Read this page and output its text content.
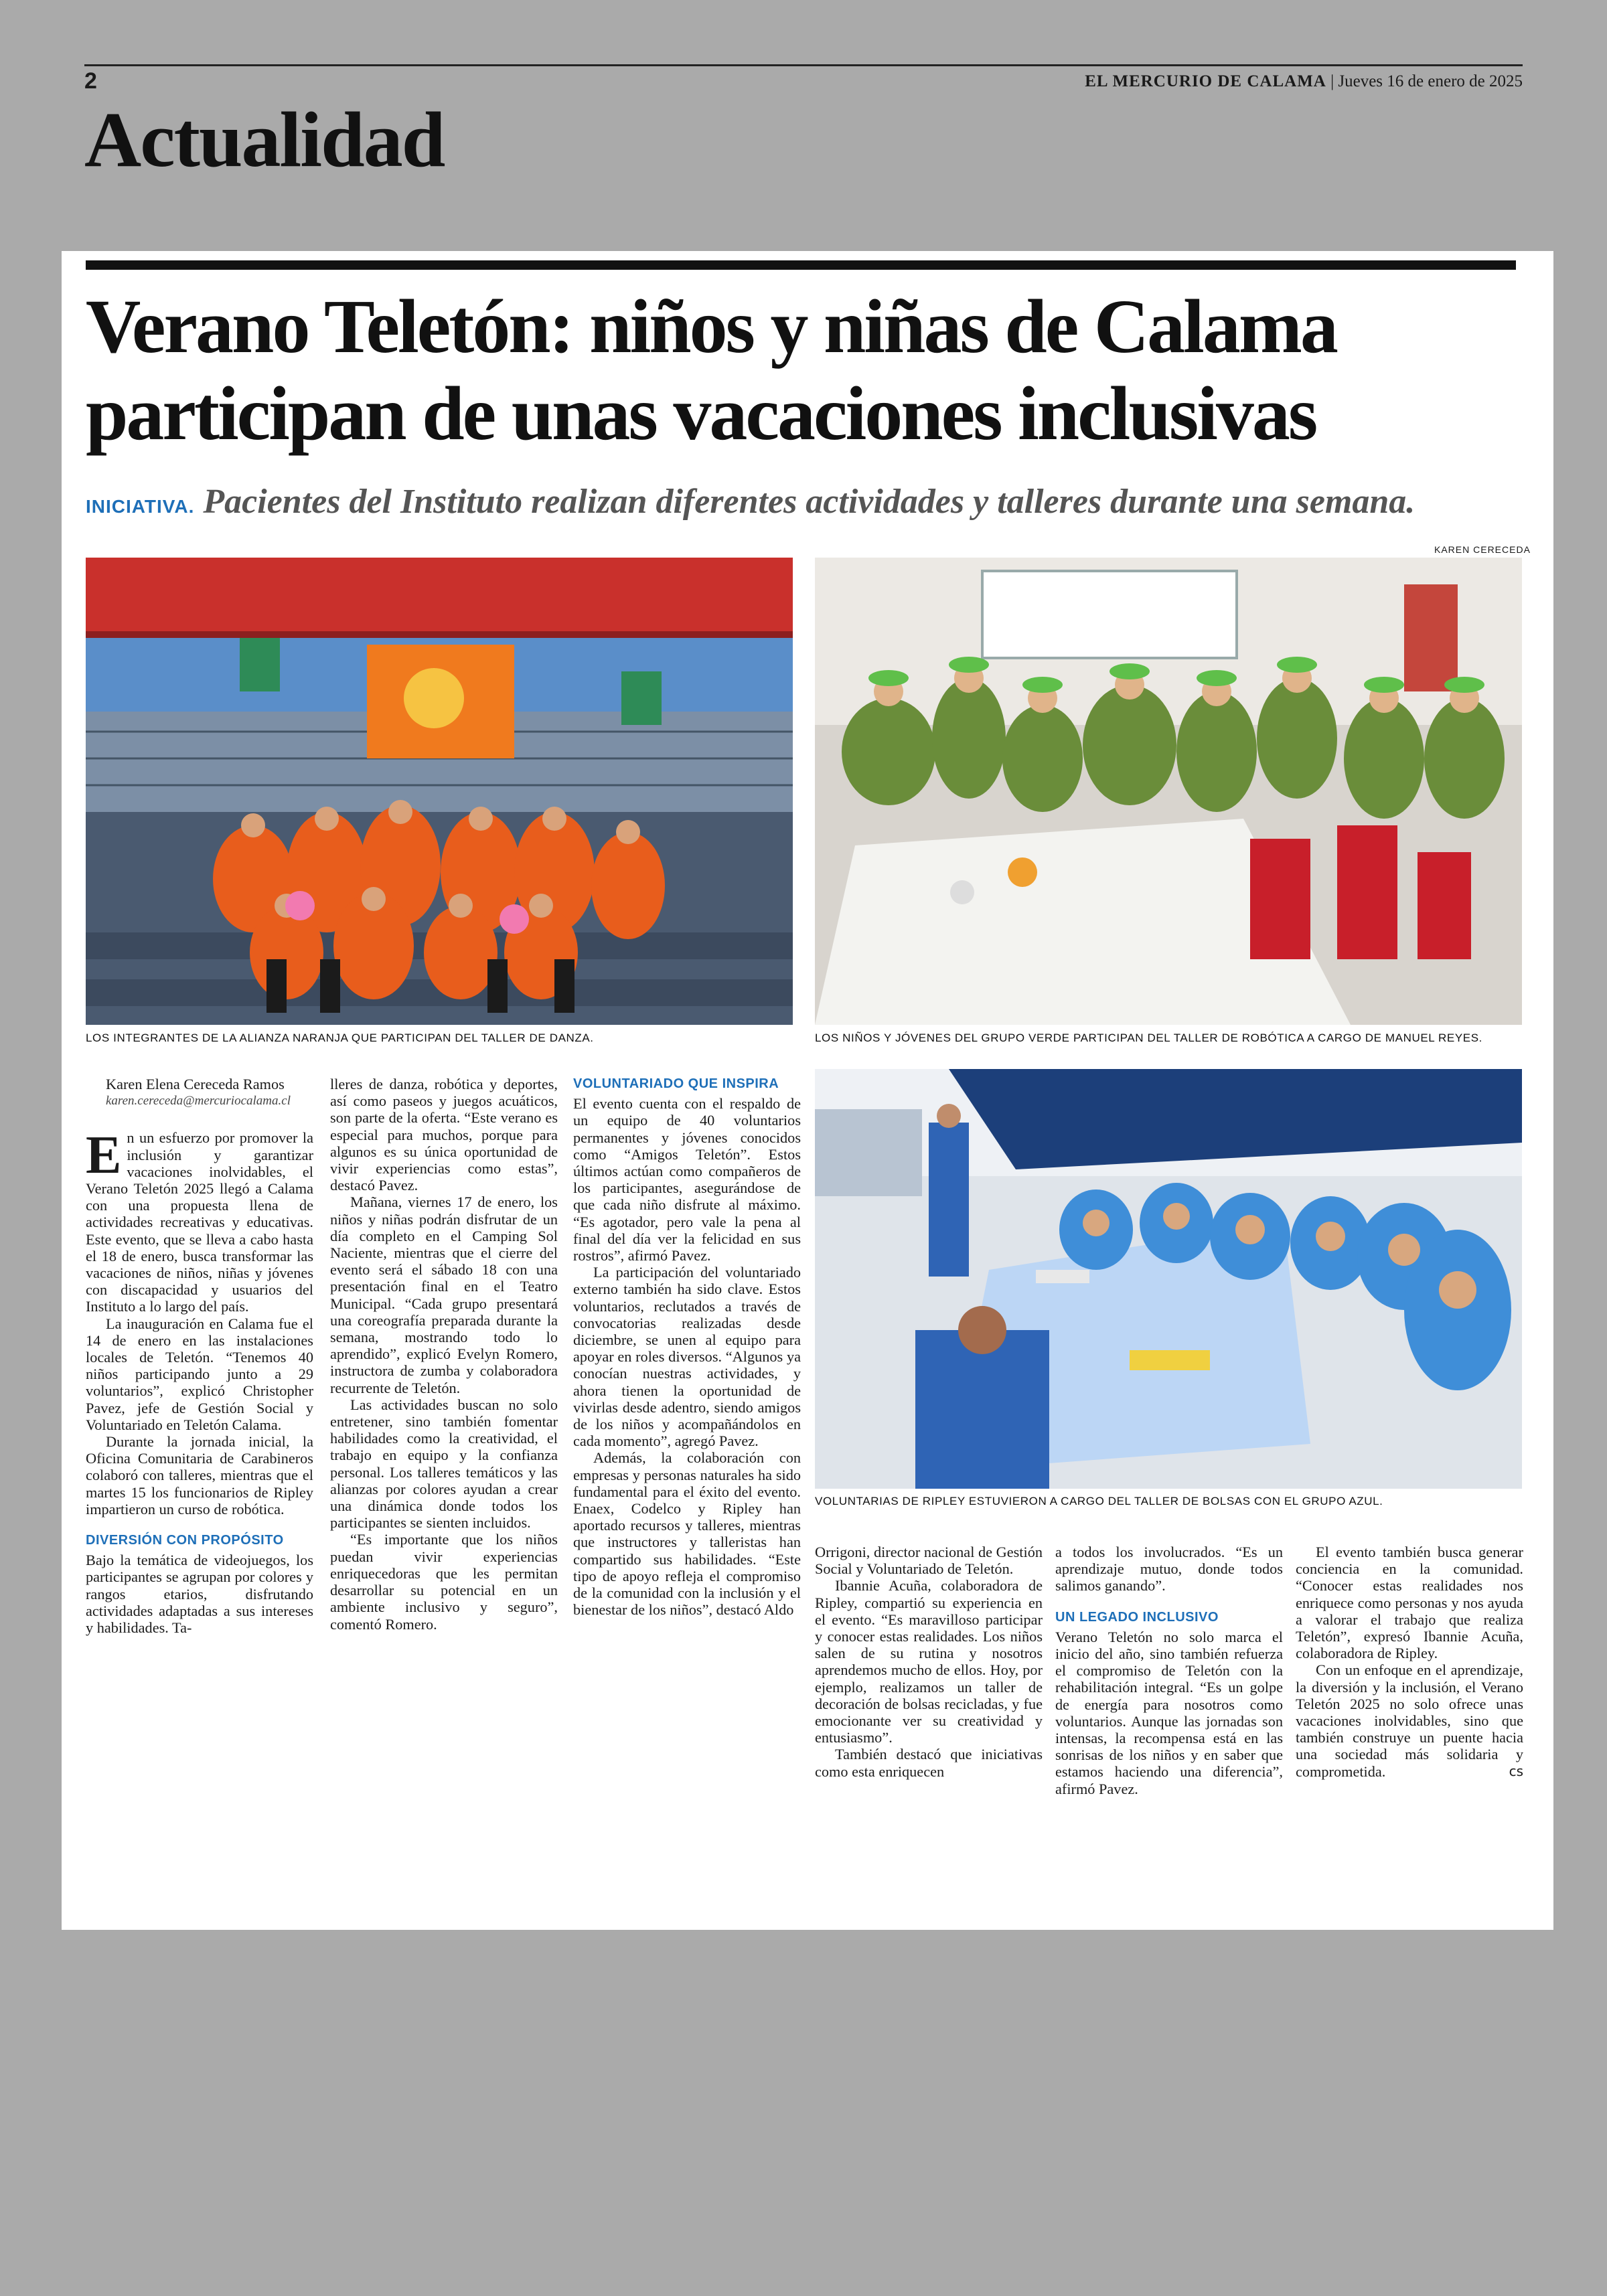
2	EL MERCURIO DE CALAMA | Jueves 16 de enero de 2025
Actualidad
Verano Teletón: niños y niñas de Calama
participan de unas vacaciones inclusivas
INICIATIVA. Pacientes del Instituto realizan diferentes actividades y talleres durante una semana.
KAREN CERECEDA
LOS INTEGRANTES DE LA ALIANZA NARANJA QUE PARTICIPAN DEL TALLER DE DANZA.	LOS NIÑOS Y JÓVENES DEL GRUPO VERDE PARTICIPAN DEL TALLER DE ROBÓTICA A CARGO DE MANUEL REYES.
VOLUNTARIAS DE RIPLEY ESTUVIERON A CARGO DEL TALLER DE BOLSAS CON EL GRUPO AZUL.

Karen Elena Cereceda Ramos

karen.cereceda@mercuriocalama.cl

En un esfuerzo por promover la inclusión y garantizar vacaciones inolvidables, el Verano Teletón 2025 llegó a Calama con una propuesta llena de actividades recreativas y educativas. Este evento, que se lleva a cabo hasta el 18 de enero, busca transformar las vacaciones de niños, niñas y jóvenes con discapacidad y usuarios del Instituto a lo largo del país.

La inauguración en Calama fue el 14 de enero en las instalaciones locales de Teletón. “Tenemos 40 niños participando junto a 29 voluntarios”, explicó Christopher Pavez, jefe de Gestión Social y Voluntariado en Teletón Calama.

Durante la jornada inicial, la Oficina Comunitaria de Carabineros colaboró con talleres, mientras que el martes 15 los funcionarios de Ripley impartieron un curso de robótica.

DIVERSIÓN CON PROPÓSITO

Bajo la temática de videojuegos, los participantes se agrupan por colores y rangos etarios, disfrutando actividades adaptadas a sus intereses y habilidades. Ta-

lleres de danza, robótica y deportes, así como paseos y juegos acuáticos, son parte de la oferta. “Este verano es especial para muchos, porque para algunos es su única oportunidad de vivir experiencias como estas”, destacó Pavez.

Mañana, viernes 17 de enero, los niños y niñas podrán disfrutar de un día completo en el Camping Sol Naciente, mientras que el cierre del evento será el sábado 18 con una presentación final en el Teatro Municipal. “Cada grupo presentará una coreografía preparada durante la semana, mostrando todo lo aprendido”, explicó Evelyn Romero, instructora de zumba y colaboradora recurrente de Teletón.

Las actividades buscan no solo entretener, sino también fomentar habilidades como la creatividad, el trabajo en equipo y la confianza personal. Los talleres temáticos y las alianzas por colores ayudan a crear una dinámica donde todos los participantes se sienten incluidos.

“Es importante que los niños puedan vivir experiencias enriquecedoras que les permitan desarrollar su potencial en un ambiente inclusivo y seguro”, comentó Romero.

VOLUNTARIADO QUE INSPIRA

El evento cuenta con el respaldo de un equipo de 40 voluntarios permanentes y jóvenes conocidos como “Amigos Teletón”. Estos últimos actúan como compañeros de los participantes, asegurándose de que cada niño disfrute al máximo. “Es agotador, pero vale la pena al final del día ver la felicidad en sus rostros”, afirmó Pavez.

La participación del voluntariado externo también ha sido clave. Estos voluntarios, reclutados a través de convocatorias realizadas desde diciembre, se unen al equipo para apoyar en roles diversos. “Algunos ya conocían nuestras actividades, y ahora tienen la oportunidad de vivirlas desde adentro, siendo amigos de los niños y acompañándolos en cada momento”, agregó Pavez.

Además, la colaboración con empresas y personas naturales ha sido fundamental para el éxito del evento. Enaex, Codelco y Ripley han aportado recursos y talleres, mientras que instructores y talleristas han compartido sus habilidades. “Este tipo de apoyo refleja el compromiso de la comunidad con la inclusión y el bienestar de los niños”, destacó Aldo

Orrigoni, director nacional de Gestión Social y Voluntariado de Teletón.

Ibannie Acuña, colaboradora de Ripley, compartió su experiencia en el evento. “Es maravilloso participar y conocer estas realidades. Los niños salen de su rutina y nosotros aprendemos mucho de ellos. Hoy, por ejemplo, realizamos un taller de decoración de bolsas recicladas, y fue emocionante ver su creatividad y entusiasmo”.

También destacó que iniciativas como esta enriquecen

a todos los involucrados. “Es un aprendizaje mutuo, donde todos salimos ganando”.

UN LEGADO INCLUSIVO

Verano Teletón no solo marca el inicio del año, sino también refuerza el compromiso de Teletón con la rehabilitación integral. “Es un golpe de energía para nosotros como voluntarios. Aunque las jornadas son intensas, la recompensa está en las sonrisas de los niños y en saber que estamos haciendo una diferencia”, afirmó Pavez.

El evento también busca generar conciencia en la comunidad. “Conocer estas realidades nos enriquece como personas y nos ayuda a valorar el trabajo que realiza Teletón”, expresó Ibannie Acuña, colaboradora de Ripley.

Con un enfoque en el aprendizaje, la diversión y la inclusión, el Verano Teletón 2025 no solo ofrece unas vacaciones inolvidables, sino que también construye un puente hacia una sociedad más solidaria y comprometida.	cs
